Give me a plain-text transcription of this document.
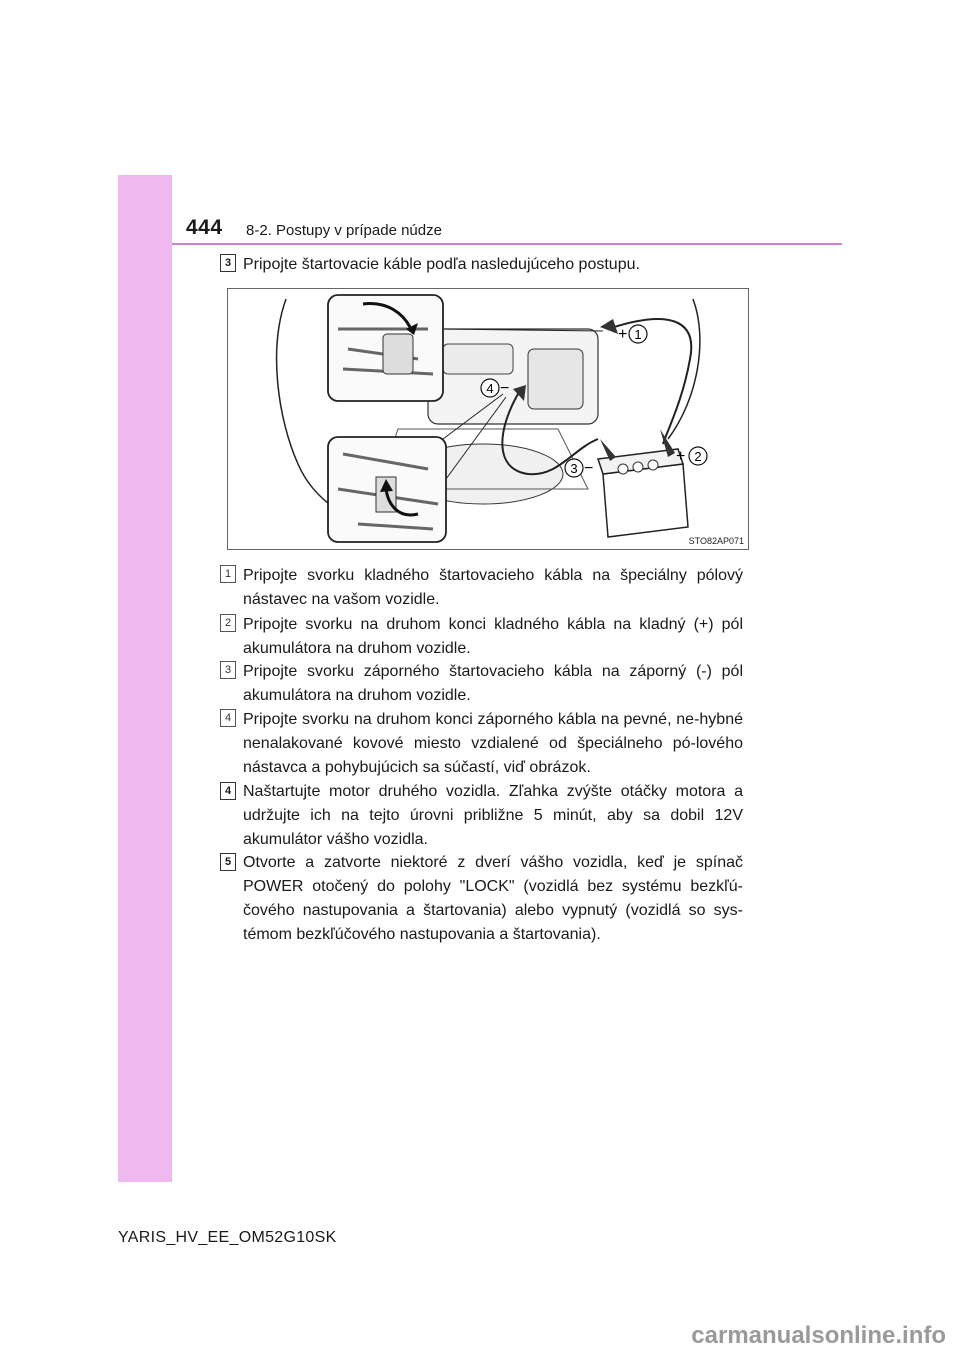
444 8-2. Postupy v prípade núdze
3 Pripojte štartovacie káble podľa nasledujúceho postupu.
+
+
−
−
1
2
3
4
STO82AP071
1 Pripojte svorku kladného štartovacieho kábla na špeciálny pólový nástavec na vašom vozidle.
2 Pripojte svorku na druhom konci kladného kábla na kladný (+) pól akumulátora na druhom vozidle.
3 Pripojte svorku záporného štartovacieho kábla na záporný (-) pól akumulátora na druhom vozidle.
4 Pripojte svorku na druhom konci záporného kábla na pevné, ne-hybné nenalakované kovové miesto vzdialené od špeciálneho pó-lového nástavca a pohybujúcich sa súčastí, viď obrázok.
4 Naštartujte motor druhého vozidla. Zľahka zvýšte otáčky motora a udržujte ich na tejto úrovni približne 5 minút, aby sa dobil 12V akumulátor vášho vozidla.
5 Otvorte a zatvorte niektoré z dverí vášho vozidla, keď je spínač POWER otočený do polohy "LOCK" (vozidlá bez systému bezkľú-čového nastupovania a štartovania) alebo vypnutý (vozidlá so sys-témom bezkľúčového nastupovania a štartovania).
YARIS_HV_EE_OM52G10SK
carmanualsonline.info
